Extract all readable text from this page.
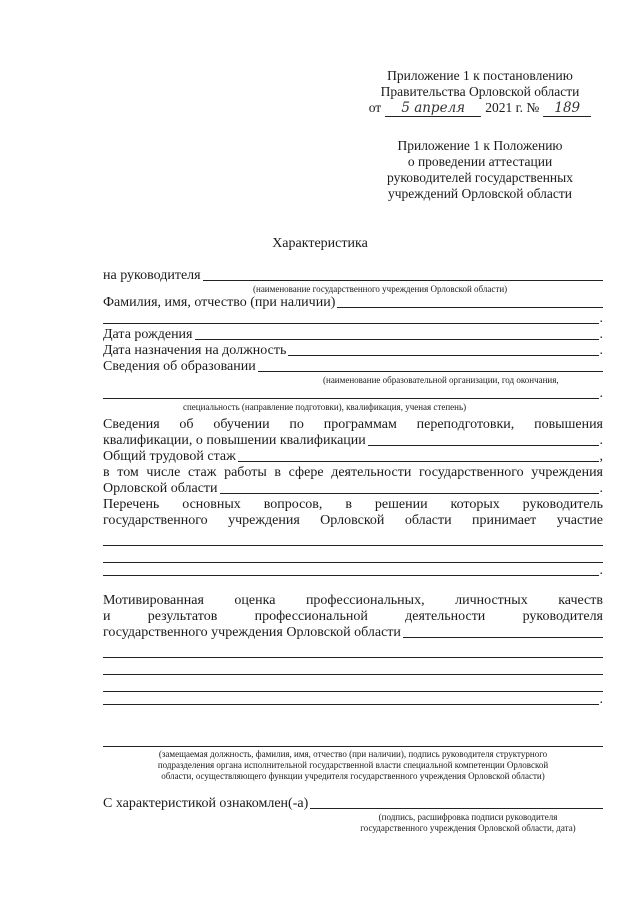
Приложение 1 к постановлению
Правительства Орловской области
от	5 апреля	2021 г. №	189
Приложение 1 к Положению
о проведении аттестации
руководителей государственных
учреждений Орловской области
Характеристика
на руководителя
(наименование государственного учреждения Орловской области)
Фамилия, имя, отчество (при наличии)
.
Дата рождения	.
Дата назначения на должность	.
Сведения об образовании
(наименование образовательной организации, год окончания,
.
специальность (направление подготовки), квалификация, ученая степень)
Сведения об обучении по программам переподготовки, повышения
квалификации, о повышении квалификации	.
Общий трудовой стаж	,
в том числе стаж работы в сфере деятельности государственного учреждения
Орловской области	.
Перечень основных вопросов, в решении которых руководитель
государственного учреждения Орловской области принимает участие
.
Мотивированная оценка профессиональных, личностных качеств
и результатов профессиональной деятельности руководителя
государственного учреждения Орловской области
.
(замещаемая должность, фамилия, имя, отчество (при наличии), подпись руководителя структурного
подразделения органа исполнительной государственной власти специальной компетенции Орловской
области, осуществляющего функции учредителя государственного учреждения Орловской области)
С характеристикой ознакомлен(-а)
(подпись, расшифровка подписи руководителя
государственного учреждения Орловской области, дата)
